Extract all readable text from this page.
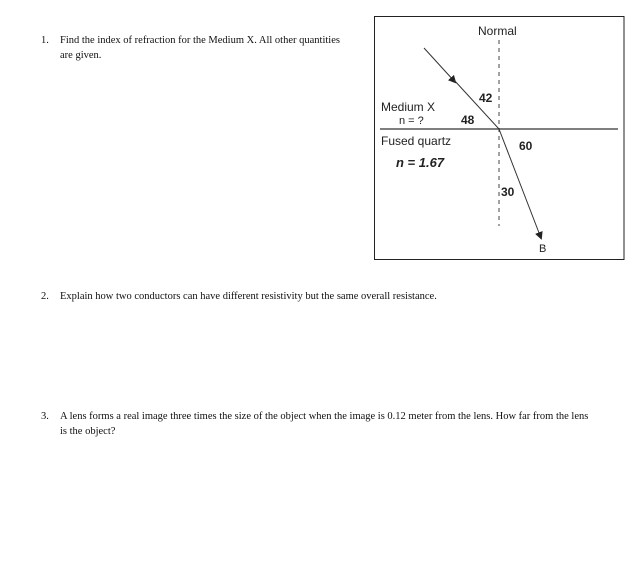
1. Find the index of refraction for the Medium X. All other quantities are given.
Normal
Medium X
n = ?
Fused quartz
n = 1.67
42
48
60
30
B
2. Explain how two conductors can have different resistivity but the same overall resistance.
3. A lens forms a real image three times the size of the object when the image is 0.12 meter from the lens. How far from the lens is the object?
